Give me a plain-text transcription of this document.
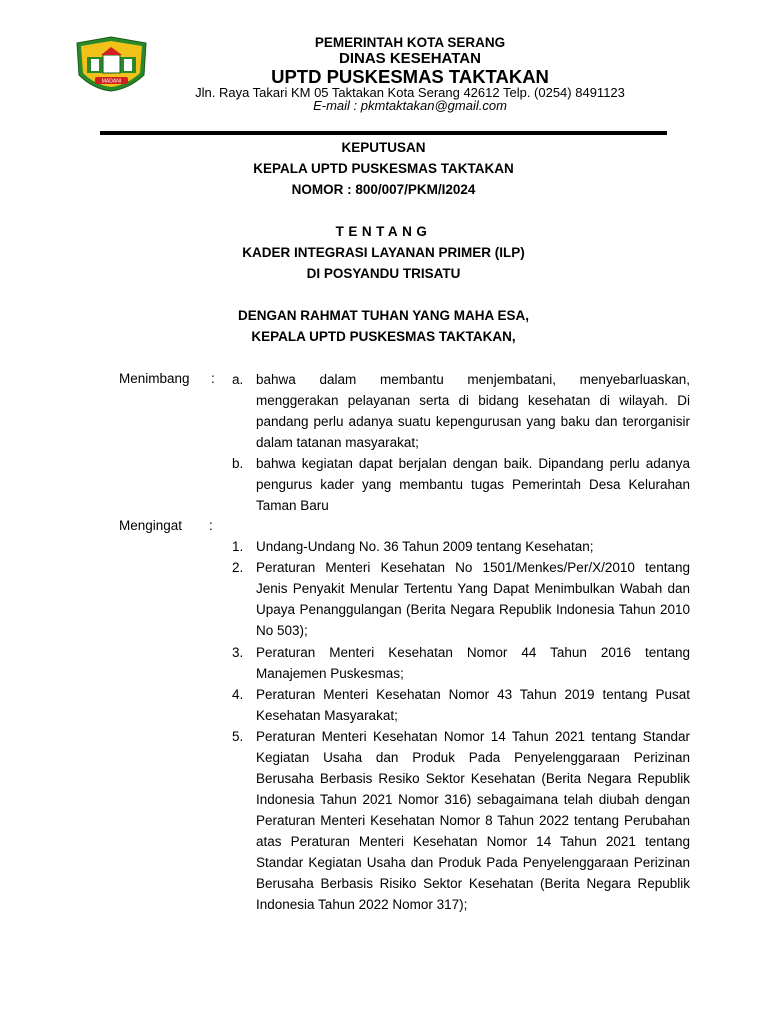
MADANI
PEMERINTAH KOTA SERANG
DINAS KESEHATAN
UPTD PUSKESMAS TAKTAKAN
Jln. Raya Takari KM 05 Taktakan Kota Serang 42612 Telp. (0254) 8491123
E-mail : pkmtaktakan@gmail.com
KEPUTUSAN
KEPALA UPTD PUSKESMAS TAKTAKAN
NOMOR : 800/007/PKM/I2024
TENTANG
KADER INTEGRASI LAYANAN PRIMER (ILP)
DI POSYANDU TRISATU
DENGAN RAHMAT TUHAN YANG MAHA ESA,
KEPALA UPTD PUSKESMAS TAKTAKAN,
Menimbang : a. bahwa dalam membantu menjembatani, menyebarluaskan, menggerakan pelayanan serta di bidang kesehatan di wilayah. Di pandang perlu adanya suatu kepengurusan yang baku dan terorganisir dalam tatanan masyarakat;
b. bahwa kegiatan dapat berjalan dengan baik. Dipandang perlu adanya pengurus kader yang membantu tugas Pemerintah Desa Kelurahan Taman Baru
Mengingat :
1. Undang-Undang No. 36 Tahun 2009 tentang Kesehatan;
2. Peraturan Menteri Kesehatan No 1501/Menkes/Per/X/2010 tentang Jenis Penyakit Menular Tertentu Yang Dapat Menimbulkan Wabah dan Upaya Penanggulangan (Berita Negara Republik Indonesia Tahun 2010 No 503);
3. Peraturan Menteri Kesehatan Nomor 44 Tahun 2016 tentang Manajemen Puskesmas;
4. Peraturan Menteri Kesehatan Nomor 43 Tahun 2019 tentang Pusat Kesehatan Masyarakat;
5. Peraturan Menteri Kesehatan Nomor 14 Tahun 2021 tentang Standar Kegiatan Usaha dan Produk Pada Penyelenggaraan Perizinan Berusaha Berbasis Resiko Sektor Kesehatan (Berita Negara Republik Indonesia Tahun 2021 Nomor 316) sebagaimana telah diubah dengan Peraturan Menteri Kesehatan Nomor 8 Tahun 2022 tentang Perubahan atas Peraturan Menteri Kesehatan Nomor 14 Tahun 2021 tentang Standar Kegiatan Usaha dan Produk Pada Penyelenggaraan Perizinan Berusaha Berbasis Risiko Sektor Kesehatan (Berita Negara Republik Indonesia Tahun 2022 Nomor 317);
